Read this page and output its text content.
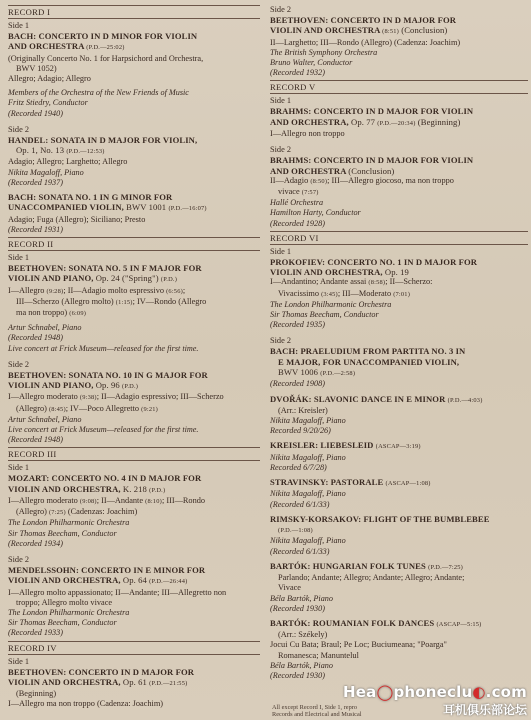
RECORD I
Side 1
BACH: CONCERTO IN D MINOR FOR VIOLIN
AND ORCHESTRA (P.D.—25:02)
(Originally Concerto No. 1 for Harpsichord and Orchestra,
BWV 1052)
Allegro; Adagio; Allegro
Members of the Orchestra of the New Friends of Music
Fritz Stiedry, Conductor
(Recorded 1940)
Side 2
HANDEL: SONATA IN D MAJOR FOR VIOLIN,
Op. 1, No. 13 (P.D.—12:53)
Adagio; Allegro; Larghetto; Allegro
Nikita Magaloff, Piano
(Recorded 1937)
BACH: SONATA NO. 1 IN G MINOR FOR
UNACCOMPANIED VIOLIN, BWV 1001 (P.D.—16:07)
Adagio; Fuga (Allegro); Siciliano; Presto
(Recorded 1931)
RECORD II
Side 1
BEETHOVEN: SONATA NO. 5 IN F MAJOR FOR
VIOLIN AND PIANO, Op. 24 ("Spring") (P.D.)
I—Allegro (9:28); II—Adagio molto espressivo (6:56);
III—Scherzo (Allegro molto) (1:15); IV—Rondo (Allegro
ma non troppo) (6:09)
Artur Schnabel, Piano
(Recorded 1948)
Live concert at Frick Museum—released for the first time.
Side 2
BEETHOVEN: SONATA NO. 10 IN G MAJOR FOR
VIOLIN AND PIANO, Op. 96 (P.D.)
I—Allegro moderato (9:38); II—Adagio espressivo; III—Scherzo
(Allegro) (8:45); IV—Poco Allegretto (9:21)
Artur Schnabel, Piano
Live concert at Frick Museum—released for the first time.
(Recorded 1948)
RECORD III
Side 1
MOZART: CONCERTO NO. 4 IN D MAJOR FOR
VIOLIN AND ORCHESTRA, K. 218 (P.D.)
I—Allegro moderato (9:08); II—Andante (8:10); III—Rondo
(Allegro) (7:25) (Cadenzas: Joachim)
The London Philharmonic Orchestra
Sir Thomas Beecham, Conductor
(Recorded 1934)
Side 2
MENDELSSOHN: CONCERTO IN E MINOR FOR
VIOLIN AND ORCHESTRA, Op. 64 (P.D.—26:44)
I—Allegro molto appassionato; II—Andante; III—Allegretto non
troppo; Allegro molto vivace
The London Philharmonic Orchestra
Sir Thomas Beecham, Conductor
(Recorded 1933)
RECORD IV
Side 1
BEETHOVEN: CONCERTO IN D MAJOR FOR
VIOLIN AND ORCHESTRA, Op. 61 (P.D.—21:55)
(Beginning)
I—Allegro ma non troppo (Cadenza: Joachim)
Side 2
BEETHOVEN: CONCERTO IN D MAJOR FOR
VIOLIN AND ORCHESTRA (8:51) (Conclusion)
II—Larghetto; III—Rondo (Allegro) (Cadenza: Joachim)
The British Symphony Orchestra
Bruno Walter, Conductor
(Recorded 1932)
RECORD V
Side 1
BRAHMS: CONCERTO IN D MAJOR FOR VIOLIN
AND ORCHESTRA, Op. 77 (P.D.—20:34) (Beginning)
I—Allegro non troppo
Side 2
BRAHMS: CONCERTO IN D MAJOR FOR VIOLIN
AND ORCHESTRA (Conclusion)
II—Adagio (8:50); III—Allegro giocoso, ma non troppo
vivace (7:57)
Hallé Orchestra
Hamilton Harty, Conductor
(Recorded 1928)
RECORD VI
Side 1
PROKOFIEV: CONCERTO NO. 1 IN D MAJOR FOR
VIOLIN AND ORCHESTRA, Op. 19
I—Andantino; Andante assai (8:58); II—Scherzo:
Vivacissimo (3:45); III—Moderato (7:01)
The London Philharmonic Orchestra
Sir Thomas Beecham, Conductor
(Recorded 1935)
Side 2
BACH: PRAELUDIUM FROM PARTITA NO. 3 IN
E MAJOR, FOR UNACCOMPANIED VIOLIN,
BWV 1006 (P.D.—2:58)
(Recorded 1908)
DVOŘÁK: SLAVONIC DANCE IN E MINOR (P.D.—4:03)
(Arr.: Kreisler)
Nikita Magaloff, Piano
Recorded 9/20/26)
KREISLER: LIEBESLEID (ASCAP—3:19)
Nikita Magaloff, Piano
Recorded 6/7/28)
STRAVINSKY: PASTORALE (ASCAP—1:08)
Nikita Magaloff, Piano
(Recorded 6/1/33)
RIMSKY-KORSAKOV: FLIGHT OF THE BUMBLEBEE
(P.D.—1:08)
Nikita Magaloff, Piano
(Recorded 6/1/33)
BARTÓK: HUNGARIAN FOLK TUNES (P.D.—7:25)
Parlando; Andante; Allegro; Andante; Allegro; Andante;
Vivace
Béla Bartók, Piano
(Recorded 1930)
BARTÓK: ROUMANIAN FOLK DANCES (ASCAP—5:15)
(Arr.: Székely)
Jocui Cu Bata; Braul; Pe Loc; Buciumeana; "Poarga"
Romanesca; Manuntelul
Béla Bartók, Piano
(Recorded 1930)
All except Record I, Side 1, repro
Records and Electrical and Musical
Hea◯phoneclu◐.com
耳机俱乐部论坛
